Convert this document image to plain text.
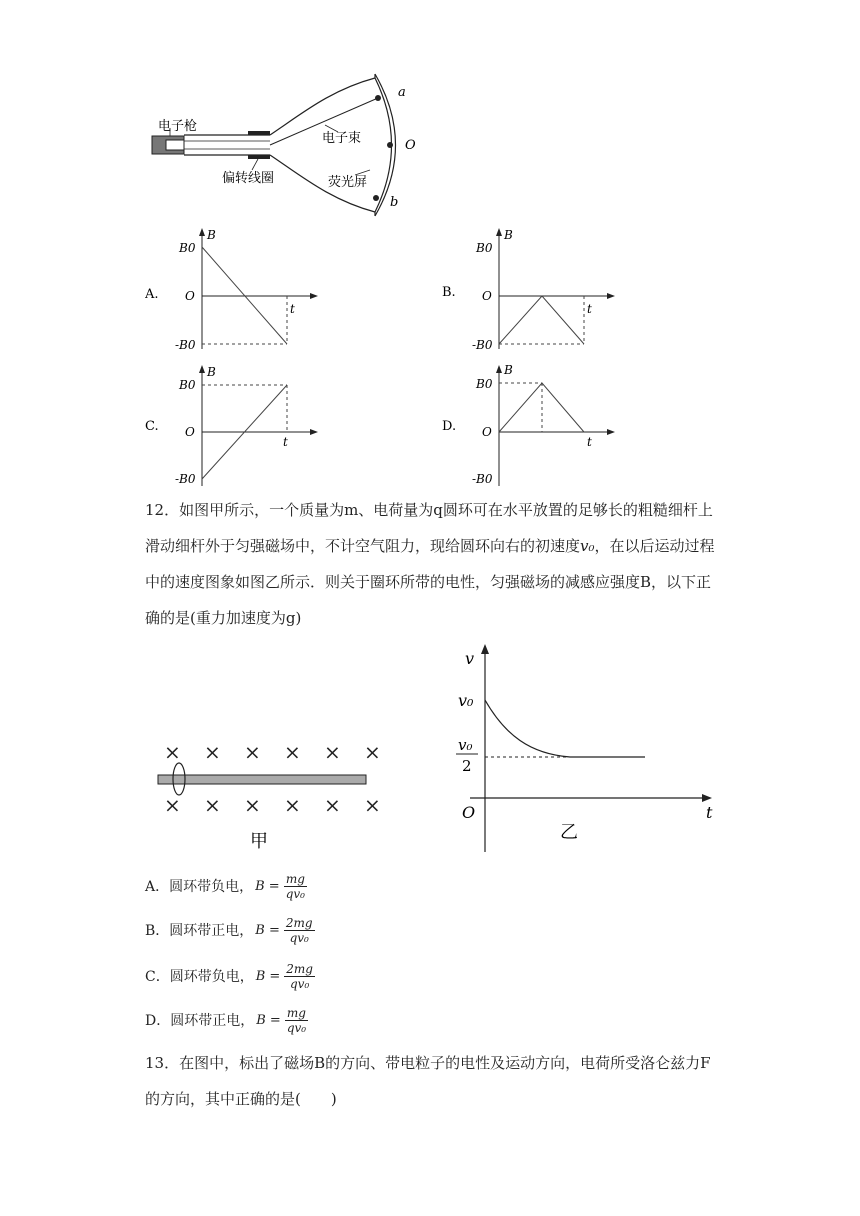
电子枪
偏转线圈
电子束
荧光屏
a
O
b
A.
B
B0
O
t
-B0
B.
B
B0
O
t
-B0
C.
B
B0
O
t
-B0
D.
B
B0
O
t
-B0
12．如图甲所示，一个质量为m、电荷量为q圆环可在水平放置的足够长的粗糙细杆上
滑动细杆外于匀强磁场中，不计空气阻力，现给圆环向右的初速度v₀，在以后运动过程
中的速度图象如图乙所示．则关于圈环所带的电性，匀强磁场的减感应强度B，以下正
确的是(重力加速度为g)
× × × × × ×
× × × × × ×
甲
v
v₀
v₀
2
O	t
乙
A．圆环带负电， $B = \frac{mg}{\text{qv₀}}$
B．圆环带正电， $B = \frac{2mg}{\text{qv₀}}$
C．圆环带负电， $B = \frac{2mg}{\text{qv₀}}$
D．圆环带正电， $B = \frac{mg}{\text{qv₀}}$
13．在图中，标出了磁场B的方向、带电粒子的电性及运动方向，电荷所受洛仑兹力F
的方向，其中正确的是(　　)
